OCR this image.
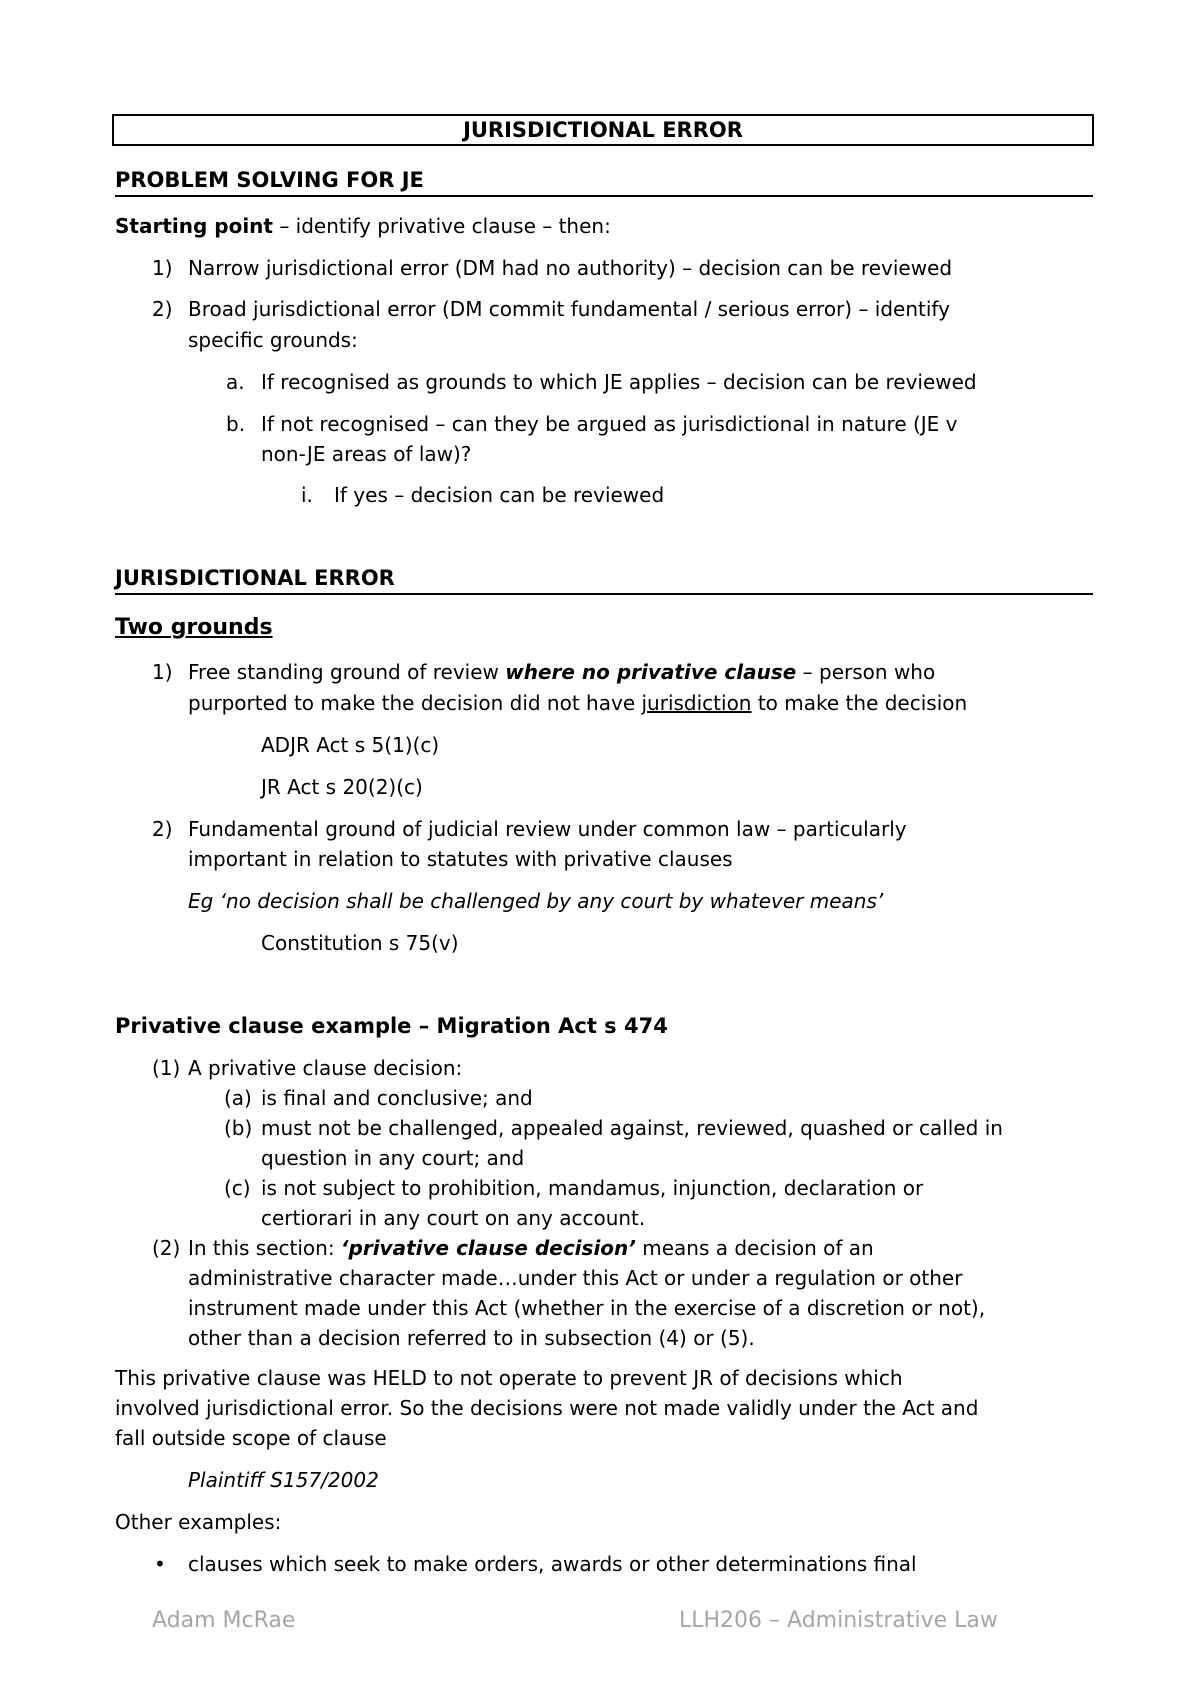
JURISDICTIONAL ERROR
PROBLEM SOLVING FOR JE
Starting point – identify privative clause – then:
1) Narrow jurisdictional error (DM had no authority) – decision can be reviewed
2) Broad jurisdictional error (DM commit fundamental / serious error) – identify
specific grounds:
a. If recognised as grounds to which JE applies – decision can be reviewed
b. If not recognised – can they be argued as jurisdictional in nature (JE v
non-JE areas of law)?
i. If yes – decision can be reviewed
JURISDICTIONAL ERROR
Two grounds
1) Free standing ground of review where no privative clause – person who
purported to make the decision did not have jurisdiction to make the decision
ADJR Act s 5(1)(c)
JR Act s 20(2)(c)
2) Fundamental ground of judicial review under common law – particularly
important in relation to statutes with privative clauses
Eg ‘no decision shall be challenged by any court by whatever means’
Constitution s 75(v)
Privative clause example – Migration Act s 474
(1) A privative clause decision:
(a) is final and conclusive; and
(b) must not be challenged, appealed against, reviewed, quashed or called in
question in any court; and
(c) is not subject to prohibition, mandamus, injunction, declaration or
certiorari in any court on any account.
(2) In this section: ‘privative clause decision’ means a decision of an
administrative character made…under this Act or under a regulation or other
instrument made under this Act (whether in the exercise of a discretion or not),
other than a decision referred to in subsection (4) or (5).
This privative clause was HELD to not operate to prevent JR of decisions which
involved jurisdictional error. So the decisions were not made validly under the Act and
fall outside scope of clause
Plaintiff S157/2002
Other examples:
• clauses which seek to make orders, awards or other determinations final
Adam McRae	LLH206 – Administrative Law
